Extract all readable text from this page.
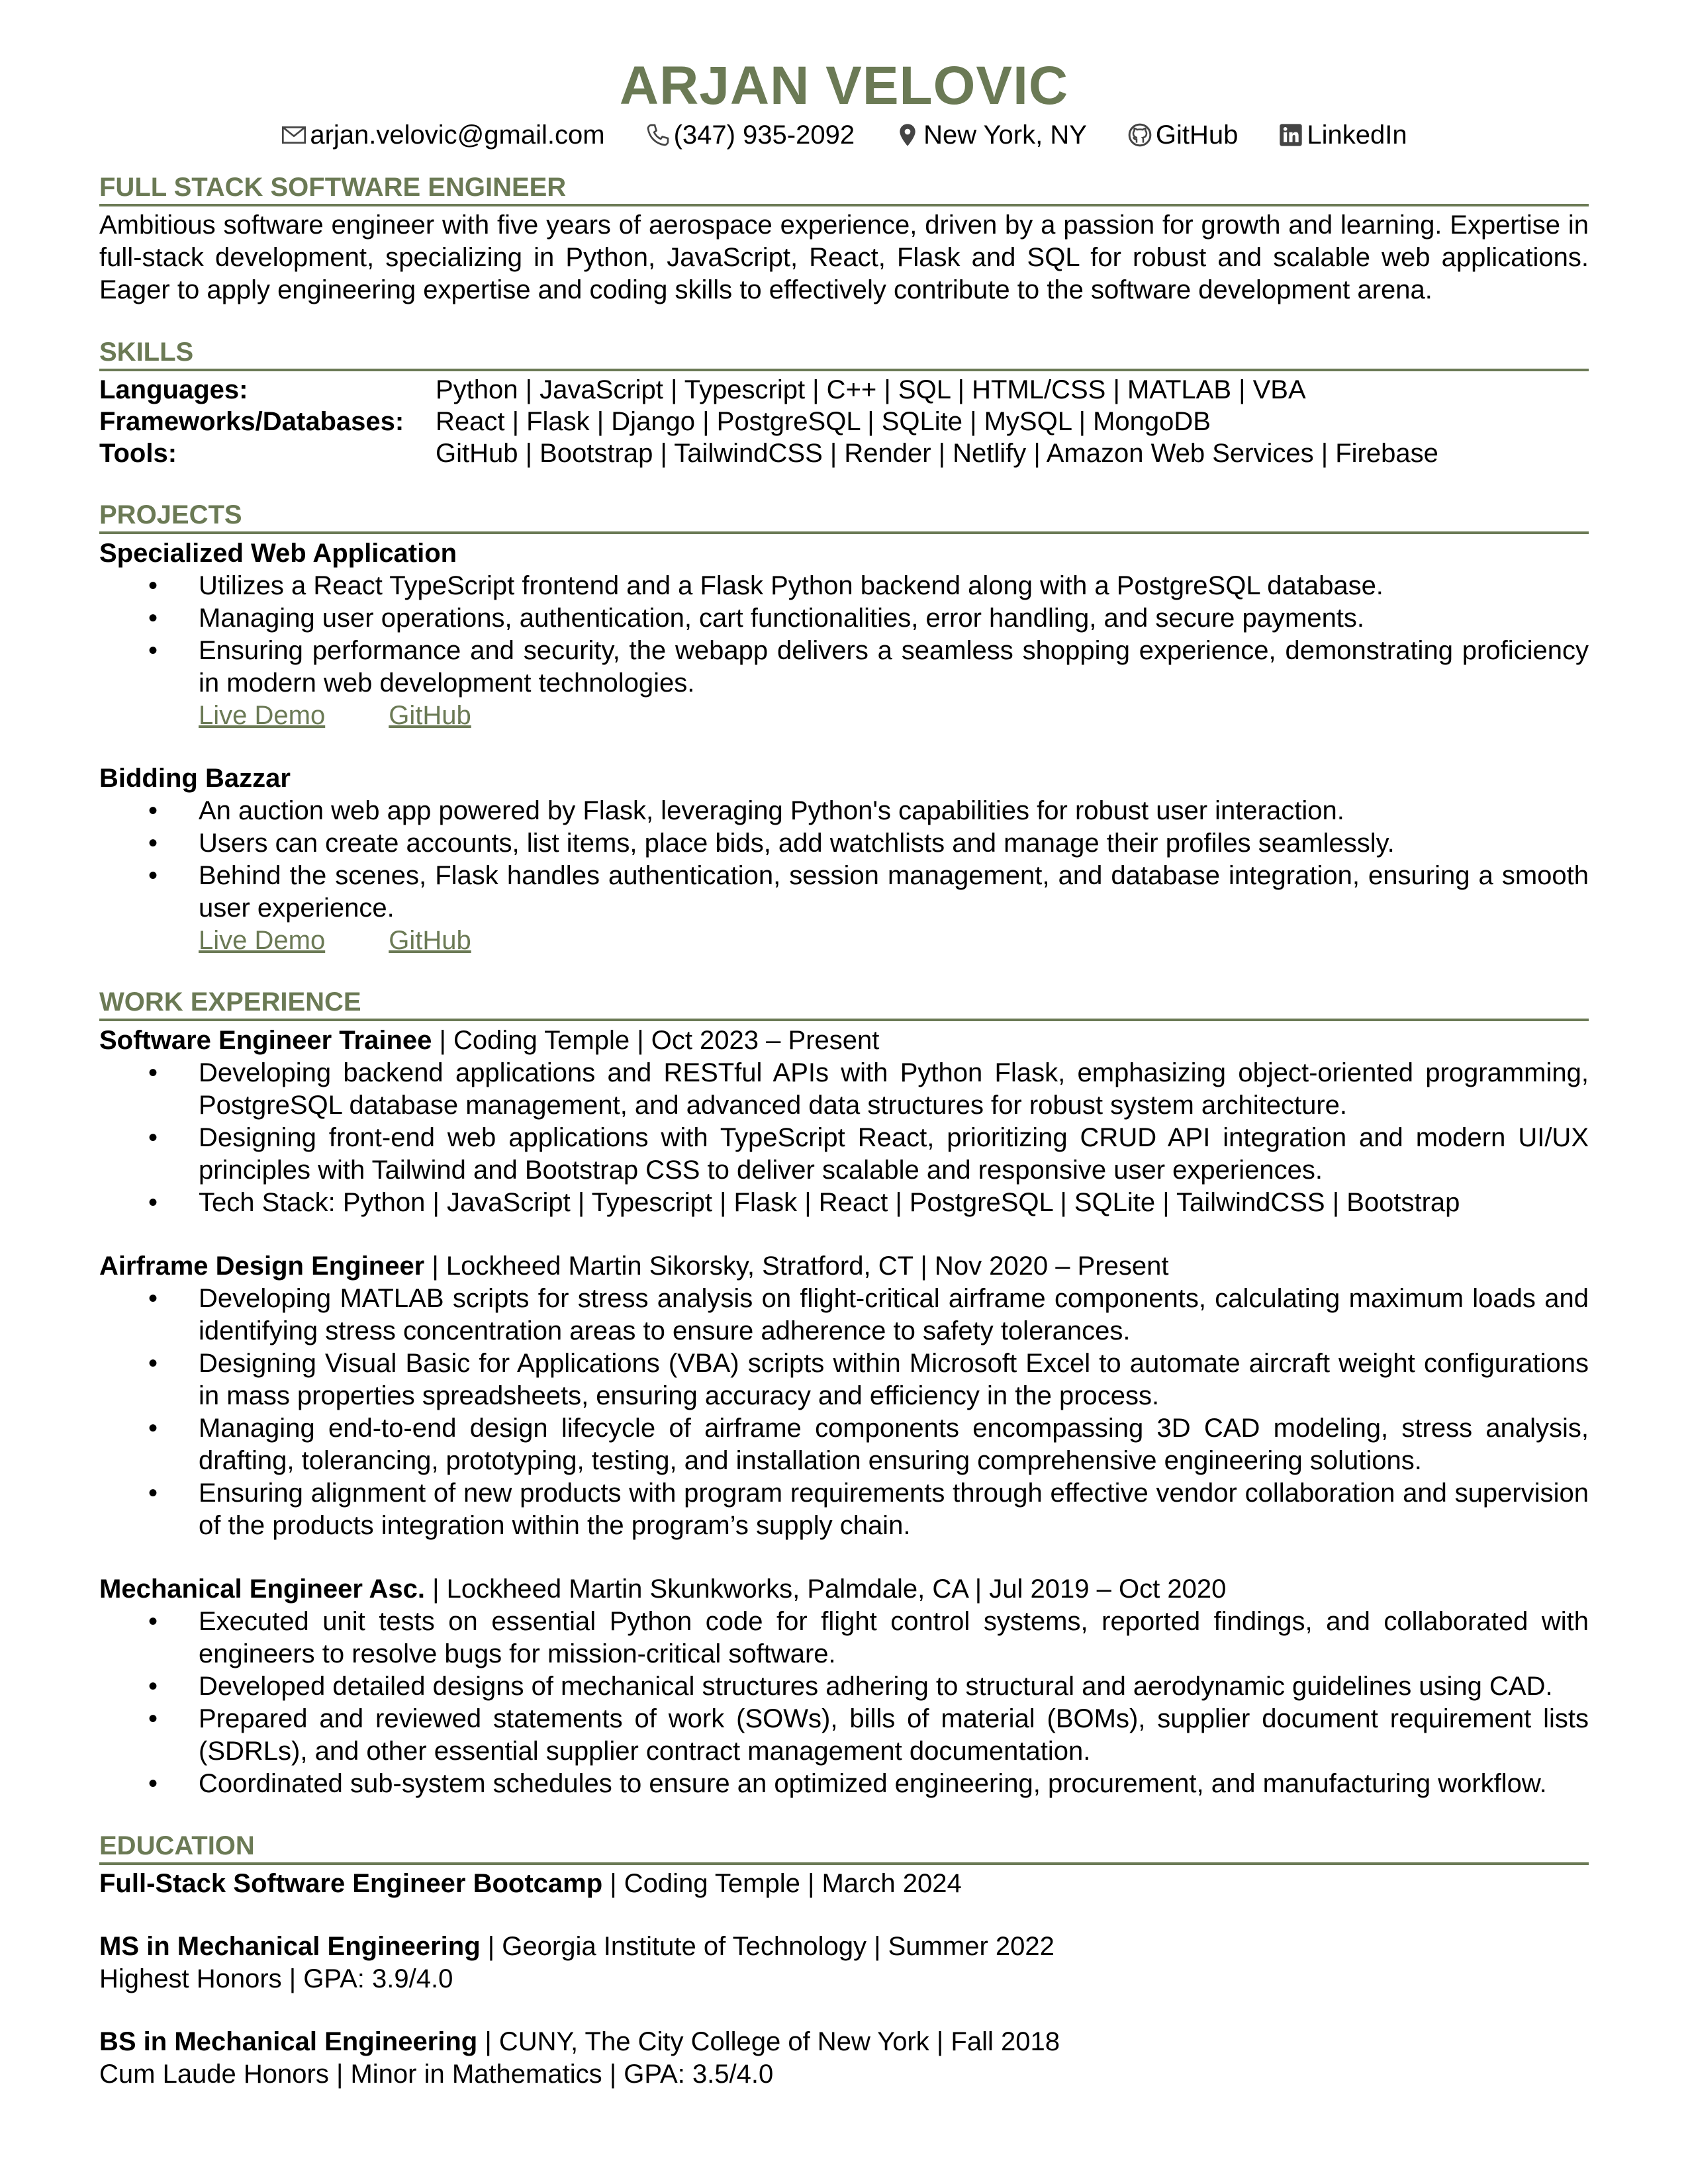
ARJAN VELOVIC
arjan.velovic@gmail.com	(347) 935-2092	New York, NY	GitHub	LinkedIn
FULL STACK SOFTWARE ENGINEER

Ambitious software engineer with five years of aerospace experience, driven by a passion for growth and learning. Expertise in full-stack development, specializing in Python, JavaScript, React, Flask and SQL for robust and scalable web applications. Eager to apply engineering expertise and coding skills to effectively contribute to the software development arena.

SKILLS
Languages:	Python | JavaScript | Typescript | C++ | SQL | HTML/CSS | MATLAB | VBA
Frameworks/Databases:	React | Flask | Django | PostgreSQL | SQLite | MySQL | MongoDB
Tools:	GitHub | Bootstrap | TailwindCSS | Render | Netlify | Amazon Web Services | Firebase
PROJECTS
Specialized Web Application
• Utilizes a React TypeScript frontend and a Flask Python backend along with a PostgreSQL database.
• Managing user operations, authentication, cart functionalities, error handling, and secure payments.
• Ensuring performance and security, the webapp delivers a seamless shopping experience, demonstrating proficiency in modern web development technologies.
Live Demo GitHub
Bidding Bazzar
• An auction web app powered by Flask, leveraging Python's capabilities for robust user interaction.
• Users can create accounts, list items, place bids, add watchlists and manage their profiles seamlessly.
• Behind the scenes, Flask handles authentication, session management, and database integration, ensuring a smooth user experience.
Live Demo GitHub
WORK EXPERIENCE
Software Engineer Trainee | Coding Temple | Oct 2023 – Present
• Developing backend applications and RESTful APIs with Python Flask, emphasizing object-oriented programming, PostgreSQL database management, and advanced data structures for robust system architecture.
• Designing front-end web applications with TypeScript React, prioritizing CRUD API integration and modern UI/UX principles with Tailwind and Bootstrap CSS to deliver scalable and responsive user experiences.
• Tech Stack: Python | JavaScript | Typescript | Flask | React | PostgreSQL | SQLite | TailwindCSS | Bootstrap
Airframe Design Engineer | Lockheed Martin Sikorsky, Stratford, CT | Nov 2020 – Present
• Developing MATLAB scripts for stress analysis on flight-critical airframe components, calculating maximum loads and identifying stress concentration areas to ensure adherence to safety tolerances.
• Designing Visual Basic for Applications (VBA) scripts within Microsoft Excel to automate aircraft weight configurations in mass properties spreadsheets, ensuring accuracy and efficiency in the process.
• Managing end-to-end design lifecycle of airframe components encompassing 3D CAD modeling, stress analysis, drafting, tolerancing, prototyping, testing, and installation ensuring comprehensive engineering solutions.
• Ensuring alignment of new products with program requirements through effective vendor collaboration and supervision of the products integration within the program’s supply chain.
Mechanical Engineer Asc. | Lockheed Martin Skunkworks, Palmdale, CA | Jul 2019 – Oct 2020
• Executed unit tests on essential Python code for flight control systems, reported findings, and collaborated with engineers to resolve bugs for mission-critical software.
• Developed detailed designs of mechanical structures adhering to structural and aerodynamic guidelines using CAD.
• Prepared and reviewed statements of work (SOWs), bills of material (BOMs), supplier document requirement lists (SDRLs), and other essential supplier contract management documentation.
• Coordinated sub-system schedules to ensure an optimized engineering, procurement, and manufacturing workflow.
EDUCATION
Full-Stack Software Engineer Bootcamp | Coding Temple | March 2024
MS in Mechanical Engineering | Georgia Institute of Technology | Summer 2022
Highest Honors | GPA: 3.9/4.0
BS in Mechanical Engineering | CUNY, The City College of New York | Fall 2018
Cum Laude Honors | Minor in Mathematics | GPA: 3.5/4.0
